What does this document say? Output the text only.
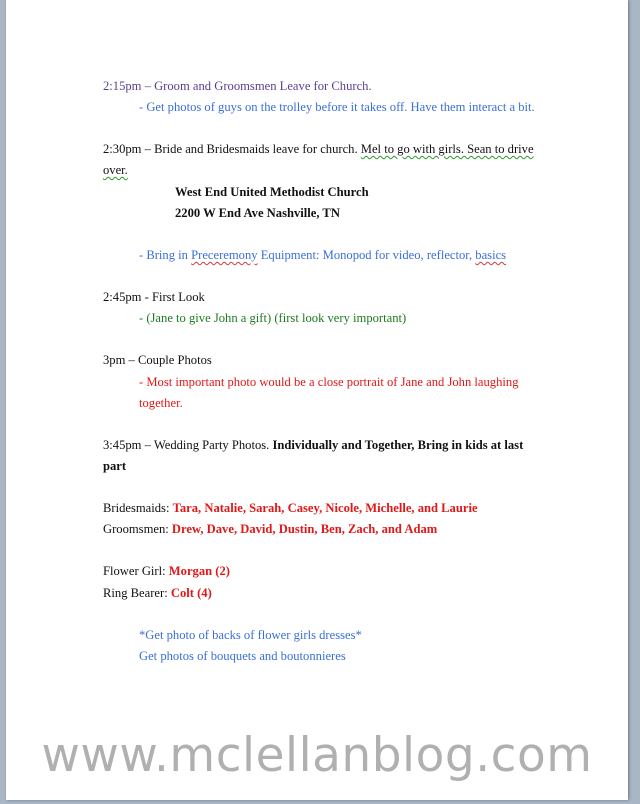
2:15pm – Groom and Groomsmen Leave for Church.
- Get photos of guys on the trolley before it takes off. Have them interact a bit.
2:30pm – Bride and Bridesmaids leave for church. Mel to go with girls. Sean to drive
over.
West End United Methodist Church
2200 W End Ave Nashville, TN
- Bring in Preceremony Equipment: Monopod for video, reflector, basics
2:45pm - First Look
- (Jane to give John a gift) (first look very important)
3pm – Couple Photos
- Most important photo would be a close portrait of Jane and John laughing
together.
3:45pm – Wedding Party Photos. Individually and Together, Bring in kids at last
part
Bridesmaids: Tara, Natalie, Sarah, Casey, Nicole, Michelle, and Laurie
Groomsmen: Drew, Dave, David, Dustin, Ben, Zach, and Adam
Flower Girl: Morgan (2)
Ring Bearer: Colt (4)
*Get photo of backs of flower girls dresses*
Get photos of bouquets and boutonnieres
www.mclellanblog.com
